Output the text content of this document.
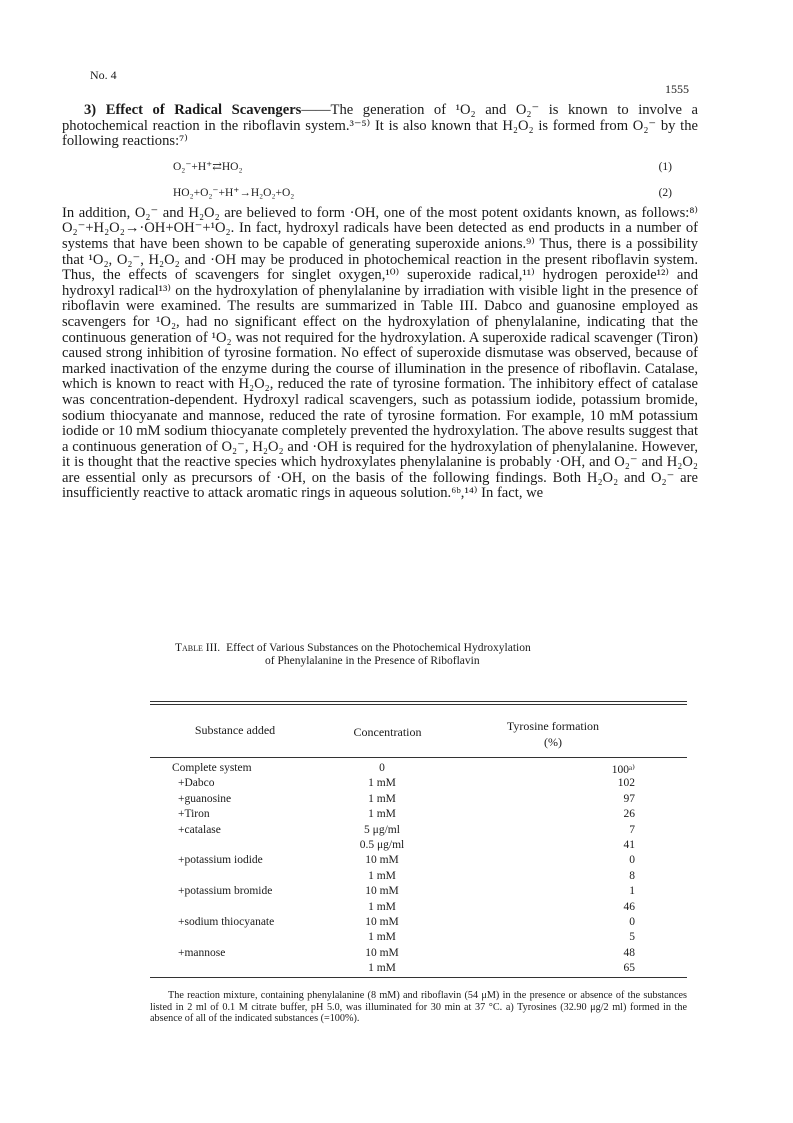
No. 4
1555

3) Effect of Radical Scavengers——The generation of ¹O₂ and O₂⁻ is known to involve a photochemical reaction in the riboflavin system.³⁻⁵⁾ It is also known that H₂O₂ is formed from O₂⁻ by the following reactions:⁷⁾

O₂⁻+H⁺⇄HO₂	(1)
HO₂+O₂⁻+H⁺→H₂O₂+O₂	(2)

In addition, O₂⁻ and H₂O₂ are believed to form ·OH, one of the most potent oxidants known, as follows:⁸⁾ O₂⁻+H₂O₂→·OH+OH⁻+¹O₂. In fact, hydroxyl radicals have been detected as end products in a number of systems that have been shown to be capable of generating superoxide anions.⁹⁾ Thus, there is a possibility that ¹O₂, O₂⁻, H₂O₂ and ·OH may be produced in photochemical reaction in the present riboflavin system. Thus, the effects of scavengers for singlet oxygen,¹⁰⁾ superoxide radical,¹¹⁾ hydrogen peroxide¹²⁾ and hydroxyl radical¹³⁾ on the hydroxylation of phenylalanine by irradiation with visible light in the presence of riboflavin were examined. The results are summarized in Table III. Dabco and guanosine employed as scavengers for ¹O₂, had no significant effect on the hydroxylation of phenylalanine, indicating that the continuous generation of ¹O₂ was not required for the hydroxylation. A superoxide radical scavenger (Tiron) caused strong inhibition of tyrosine formation. No effect of superoxide dismutase was observed, because of marked inactivation of the enzyme during the course of illumination in the presence of riboflavin. Catalase, which is known to react with H₂O₂, reduced the rate of tyrosine formation. The inhibitory effect of catalase was concentration-dependent. Hydroxyl radical scavengers, such as potassium iodide, potassium bromide, sodium thiocyanate and mannose, reduced the rate of tyrosine formation. For example, 10 mM potassium iodide or 10 mM sodium thiocyanate completely prevented the hydroxylation. The above results suggest that a continuous generation of O₂⁻, H₂O₂ and ·OH is required for the hydroxylation of phenylalanine. However, it is thought that the reactive species which hydroxylates phenylalanine is probably ·OH, and O₂⁻ and H₂O₂ are essential only as precursors of ·OH, on the basis of the following findings. Both H₂O₂ and O₂⁻ are insufficiently reactive to attack aromatic rings in aqueous solution.⁶ᵇ,¹⁴⁾ In fact, we

Table III. Effect of Various Substances on the Photochemical Hydroxylation
of Phenylalanine in the Presence of Riboflavin
Substance added	Concentration	Tyrosine formation
(%)
Complete system	0	100ᵃ⁾
+Dabco	1 mM	102
+guanosine	1 mM	97
+Tiron	1 mM	26
+catalase	5 μg/ml	7
0.5 μg/ml	41
+potassium iodide	10 mM	0
1 mM	8
+potassium bromide	10 mM	1
1 mM	46
+sodium thiocyanate	10 mM	0
1 mM	5
+mannose	10 mM	48
1 mM	65

The reaction mixture, containing phenylalanine (8 mM) and riboflavin (54 μM) in the presence or absence of the substances listed in 2 ml of 0.1 M citrate buffer, pH 5.0, was illuminated for 30 min at 37 °C. a) Tyrosines (32.90 μg/2 ml) formed in the absence of all of the indicated substances (=100%).
